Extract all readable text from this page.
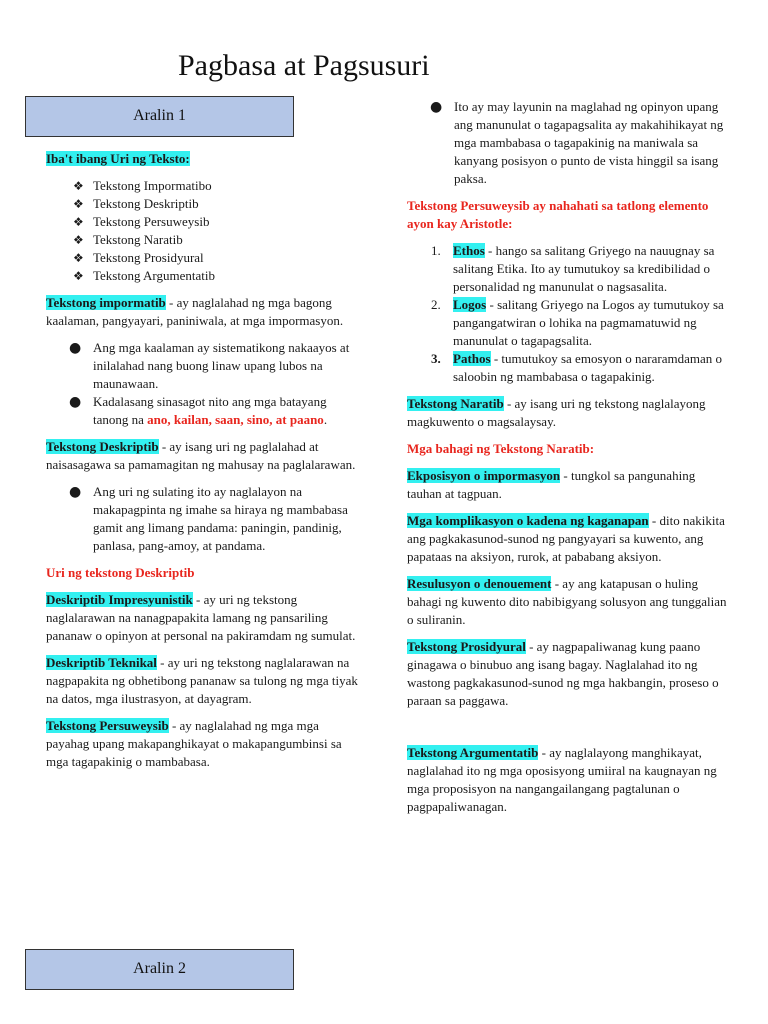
Pagbasa at Pagsusuri
Aralin 1
Aralin 2

Iba't ibang Uri ng Teksto:

❖ Tekstong Impormatibo
❖ Tekstong Deskriptib
❖ Tekstong Persuweysib
❖ Tekstong Naratib
❖ Tekstong Prosidyural
❖ Tekstong Argumentatib

Tekstong impormatib - ay naglalahad ng mga bagong kaalaman, pangyayari, paniniwala, at mga impormasyon.

● Ang mga kaalaman ay sistematikong nakaayos at inilalahad nang buong linaw upang lubos na maunawaan.
● Kadalasang sinasagot nito ang mga batayang tanong na ano, kailan, saan, sino, at paano.

Tekstong Deskriptib - ay isang uri ng paglalahad at naisasagawa sa pamamagitan ng mahusay na paglalarawan.

● Ang uri ng sulating ito ay naglalayon na makapagpinta ng imahe sa hiraya ng mambabasa gamit ang limang pandama: paningin, pandinig, panlasa, pang-amoy, at pandama.

Uri ng tekstong Deskriptib

Deskriptib Impresyunistik - ay uri ng tekstong naglalarawan na nanagpapakita lamang ng pansariling pananaw o opinyon at personal na pakiramdam ng sumulat.

Deskriptib Teknikal - ay uri ng tekstong naglalarawan na nagpapakita ng obhetibong pananaw sa tulong ng mga tiyak na datos, mga ilustrasyon, at dayagram.

Tekstong Persuweysib - ay naglalahad ng mga mga payahag upang makapanghikayat o makapangumbinsi sa mga tagapakinig o mambabasa.

● Ito ay may layunin na maglahad ng opinyon upang ang manunulat o tagapagsalita ay makahihikayat ng mga mambabasa o tagapakinig na maniwala sa kanyang posisyon o punto de vista hinggil sa isang paksa.

Tekstong Persuweysib ay nahahati sa tatlong elemento ayon kay Aristotle:

1. Ethos - hango sa salitang Griyego na nauugnay sa salitang Etika. Ito ay tumutukoy sa kredibilidad o personalidad ng manunulat o nagsasalita.
2. Logos - salitang Griyego na Logos ay tumutukoy sa pangangatwiran o lohika na pagmamatuwid ng manunulat o tagapagsalita.
3. Pathos - tumutukoy sa emosyon o nararamdaman o saloobin ng mambabasa o tagapakinig.

Tekstong Naratib - ay isang uri ng tekstong naglalayong magkuwento o magsalaysay.

Mga bahagi ng Tekstong Naratib:

Ekposisyon o impormasyon - tungkol sa pangunahing tauhan at tagpuan.

Mga komplikasyon o kadena ng kaganapan - dito nakikita ang pagkakasunod-sunod ng pangyayari sa kuwento, ang papataas na aksiyon, rurok, at pababang aksiyon.

Resulusyon o denouement - ay ang katapusan o huling bahagi ng kuwento dito nabibigyang solusyon ang tunggalian o suliranin.

Tekstong Prosidyural - ay nagpapaliwanag kung paano ginagawa o binubuo ang isang bagay. Naglalahad ito ng wastong pagkakasunod-sunod ng mga hakbangin, proseso o paraan sa paggawa.

Tekstong Argumentatib - ay naglalayong manghikayat, naglalahad ito ng mga oposisyong umiiral na kaugnayan ng mga proposisyon na nangangailangang pagtalunan o pagpapaliwanagan.
